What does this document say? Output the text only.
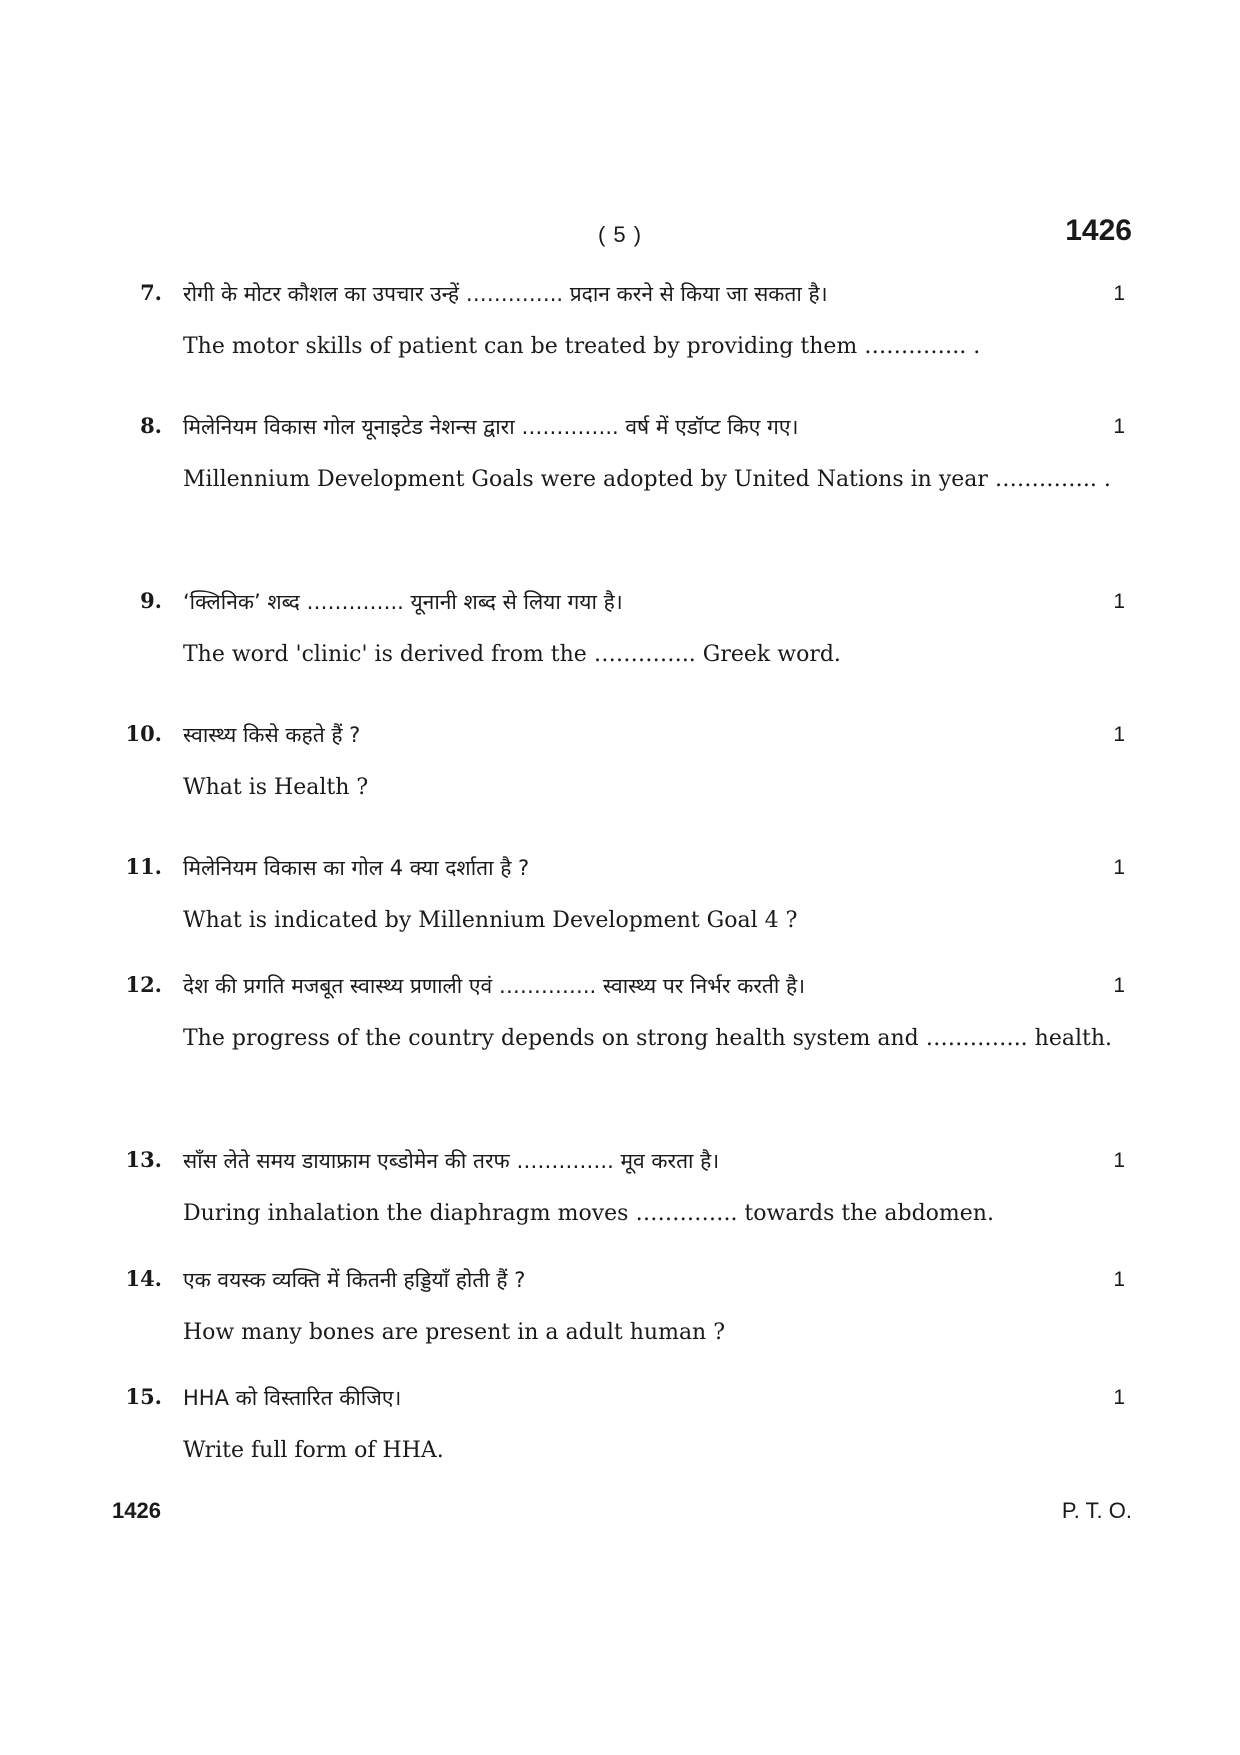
( 5 )	1426
7. रोगी के मोटर कौशल का उपचार उन्हें ………….. प्रदान करने से किया जा सकता है।	1
The motor skills of patient can be treated by providing them ………….. .
8. मिलेनियम विकास गोल यूनाइटेड नेशन्स द्वारा ………….. वर्ष में एडॉप्ट किए गए।	1
Millennium Development Goals were adopted by United Nations in year ………….. .
9. ‘क्लिनिक’ शब्द ………….. यूनानी शब्द से लिया गया है।	1
The word 'clinic' is derived from the ………….. Greek word.
10. स्वास्थ्य किसे कहते हैं ?	1
What is Health ?
11. मिलेनियम विकास का गोल 4 क्या दर्शाता है ?	1
What is indicated by Millennium Development Goal 4 ?
12. देश की प्रगति मजबूत स्वास्थ्य प्रणाली एवं ………….. स्वास्थ्य पर निर्भर करती है।	1
The progress of the country depends on strong health system and ………….. health.
13. साँस लेते समय डायाफ्राम एब्डोमेन की तरफ ………….. मूव करता है।	1
During inhalation the diaphragm moves ………….. towards the abdomen.
14. एक वयस्क व्यक्ति में कितनी हड्डियाँ होती हैं ?	1
How many bones are present in a adult human ?
15. HHA को विस्तारित कीजिए।	1
Write full form of HHA.
1426	P. T. O.
